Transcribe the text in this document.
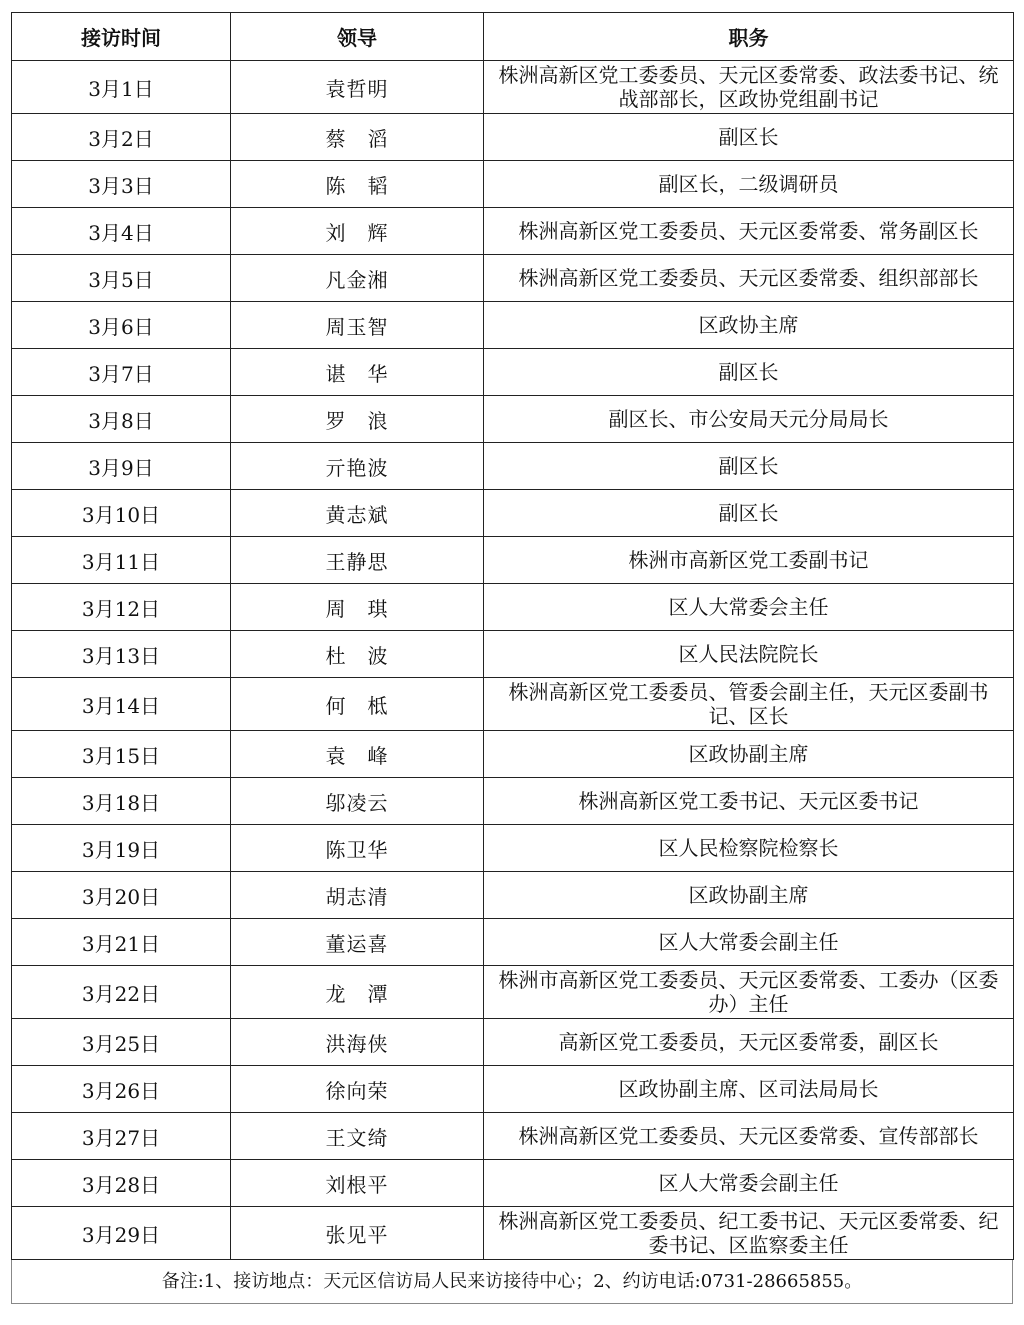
接访时间	领导	职务
3月1日	袁哲明	株洲高新区党工委委员、天元区委常委、政法委书记、统战部部长，区政协党组副书记
3月2日	蔡　滔	副区长
3月3日	陈　韬	副区长，二级调研员
3月4日	刘　辉	株洲高新区党工委委员、天元区委常委、常务副区长
3月5日	凡金湘	株洲高新区党工委委员、天元区委常委、组织部部长
3月6日	周玉智	区政协主席
3月7日	谌　华	副区长
3月8日	罗　浪	副区长、市公安局天元分局局长
3月9日	亓艳波	副区长
3月10日	黄志斌	副区长
3月11日	王静思	株洲市高新区党工委副书记
3月12日	周　琪	区人大常委会主任
3月13日	杜　波	区人民法院院长
3月14日	何　柢	株洲高新区党工委委员、管委会副主任，天元区委副书记、区长
3月15日	袁　峰	区政协副主席
3月18日	邬凌云	株洲高新区党工委书记、天元区委书记
3月19日	陈卫华	区人民检察院检察长
3月20日	胡志清	区政协副主席
3月21日	董运喜	区人大常委会副主任
3月22日	龙　潭	株洲市高新区党工委委员、天元区委常委、工委办（区委办）主任
3月25日	洪海侠	高新区党工委委员，天元区委常委，副区长
3月26日	徐向荣	区政协副主席、区司法局局长
3月27日	王文绮	株洲高新区党工委委员、天元区委常委、宣传部部长
3月28日	刘根平	区人大常委会副主任
3月29日	张见平	株洲高新区党工委委员、纪工委书记、天元区委常委、纪委书记、区监察委主任
备注:1、接访地点：天元区信访局人民来访接待中心；2、约访电话:0731-28665855。
